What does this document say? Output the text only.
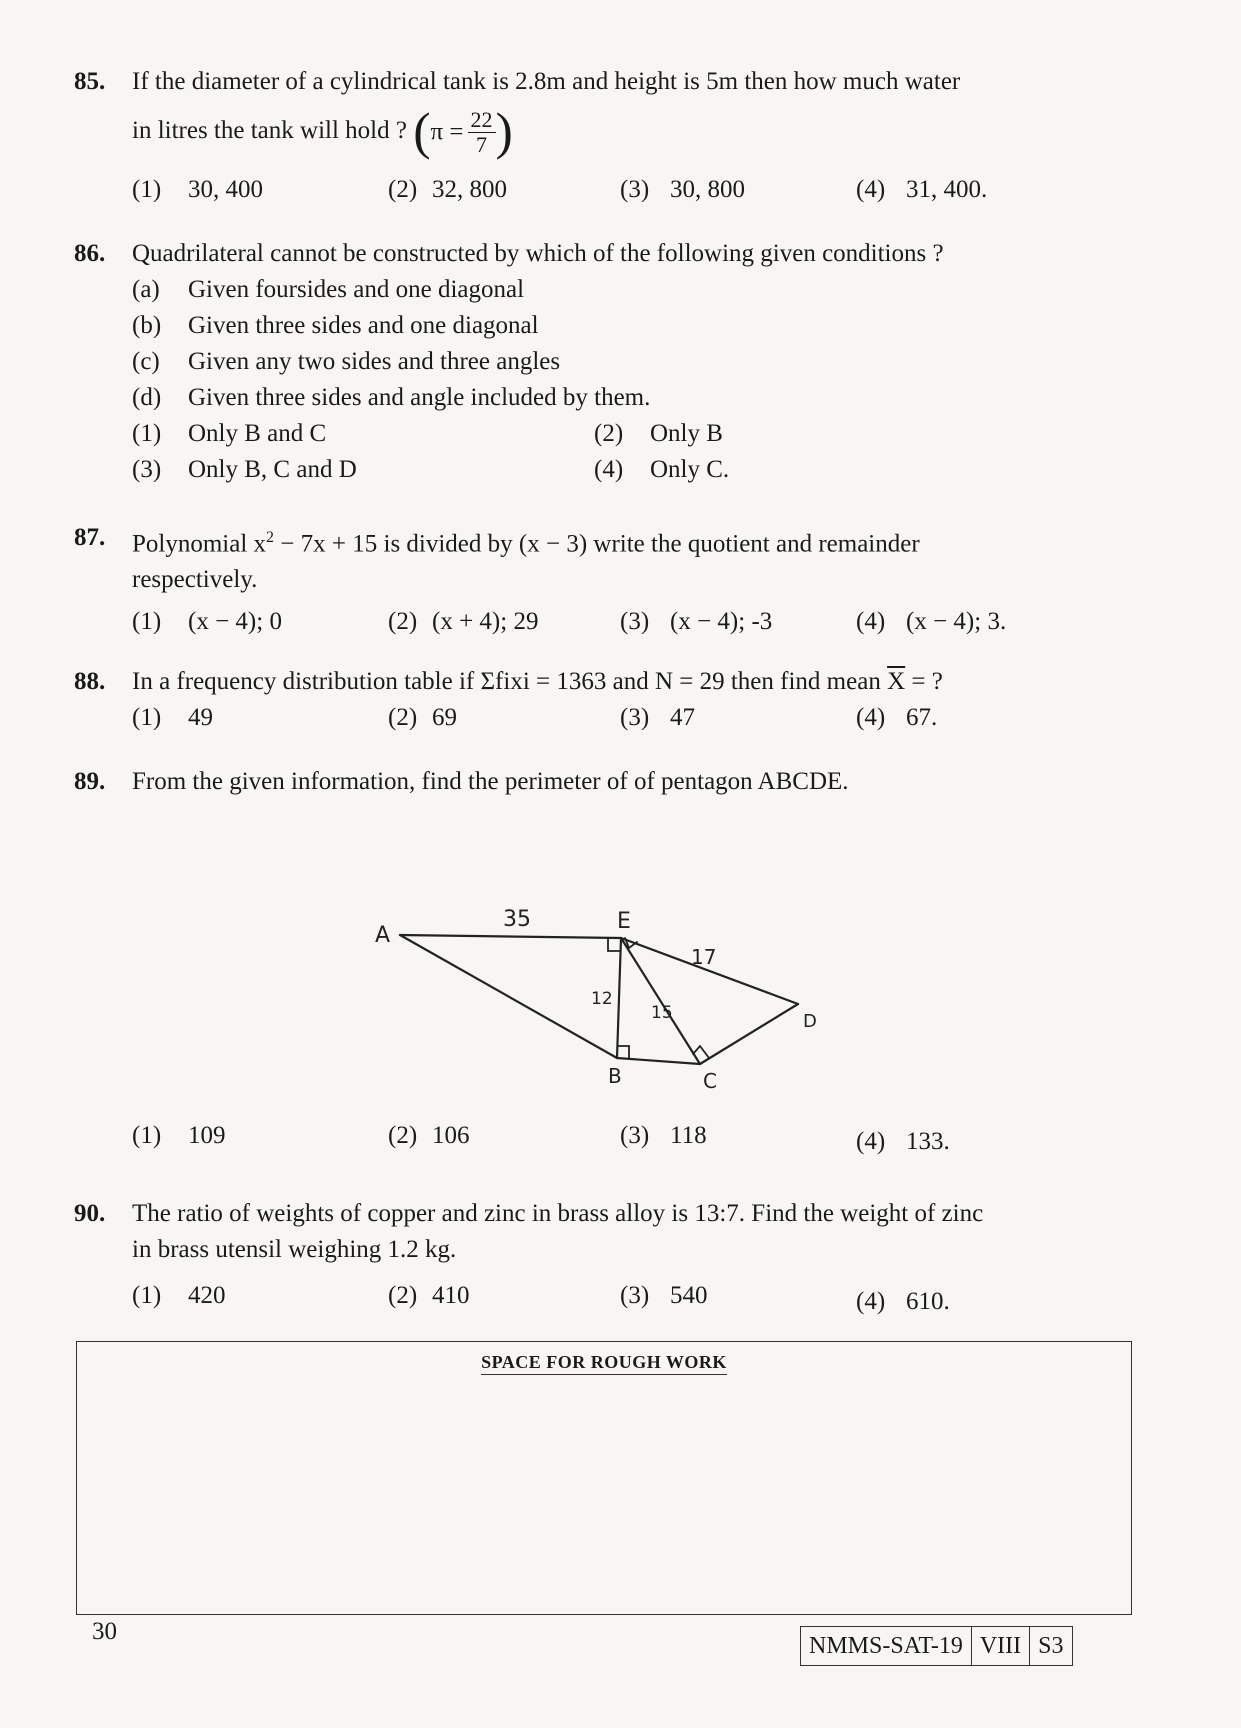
85. If the diameter of a cylindrical tank is 2.8m and height is 5m then how much water
in litres the tank will hold ? ($\pi = \frac{22}{7}$ )
(1) 30, 400	(2) 32, 800	(3) 30, 800	(4) 31, 400.
86. Quadrilateral cannot be constructed by which of the following given conditions ?
(a) Given foursides and one diagonal
(b) Given three sides and one diagonal
(c) Given any two sides and three angles
(d) Given three sides and angle included by them.
(1) Only B and C	(2) Only B
(3) Only B, C and D	(4) Only C.
87. Polynomial $x^2 - 7x + 15$ is divided by (x − 3) write the quotient and remainder
respectively.
(1) (x − 4); 0	(2) (x + 4); 29	(3) (x − 4); -3	(4) (x − 4); 3.
88. In a frequency distribution table if Σfixi = 1363 and N = 29 then find mean $\overline{X}$ = ?
(1) 49	(2) 69	(3) 47	(4) 67.
89. From the given information, find the perimeter of of pentagon ABCDE.
A
E
B	C
D
35
12
15
17
(1) 109	(2) 106	(3) 118	(4) 133.
90. The ratio of weights of copper and zinc in brass alloy is 13:7. Find the weight of zinc
in brass utensil weighing 1.2 kg.
(1) 420	(2) 410	(3) 540	(4) 610.
SPACE FOR ROUGH WORK
30
NMMS-SAT-19 VIII S3
